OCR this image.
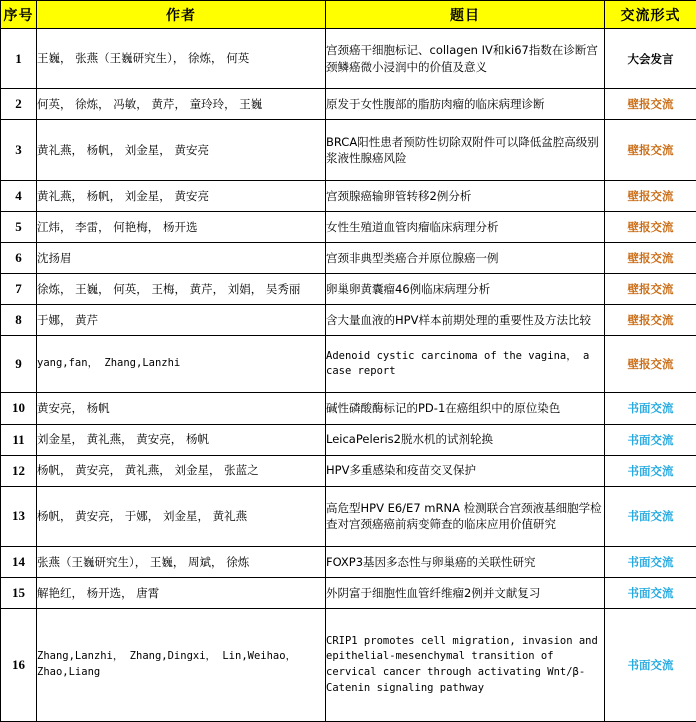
序号	作者	题目	交流形式
1	王巍， 张燕（王巍研究生）， 徐炼， 何英	宫颈癌干细胞标记、collagen IV和ki67指数在诊断宫颈鳞癌微小浸润中的价值及意义	大会发言
2	何英， 徐炼， 冯敏， 黄芹， 童玲玲， 王巍	原发于女性腹部的脂肪肉瘤的临床病理诊断	壁报交流
3	黄礼燕， 杨帆， 刘金星， 黄安亮	BRCA阳性患者预防性切除双附件可以降低盆腔高级别浆液性腺癌风险	壁报交流
4	黄礼燕， 杨帆， 刘金星， 黄安亮	宫颈腺癌输卵管转移2例分析	壁报交流
5	江炜， 李雷， 何艳梅， 杨开选	女性生殖道血管肉瘤临床病理分析	壁报交流
6	沈扬眉	宫颈非典型类癌合并原位腺癌一例	壁报交流
7	徐炼， 王巍， 何英， 王梅， 黄芹， 刘娟， 吴秀丽	卵巢卵黄囊瘤46例临床病理分析	壁报交流
8	于娜， 黄芹	含大量血液的HPV样本前期处理的重要性及方法比较	壁报交流
9	yang,fan， Zhang,Lanzhi	Adenoid cystic carcinoma of the vagina， a case report	壁报交流
10	黄安亮， 杨帆	碱性磷酸酶标记的PD-1在癌组织中的原位染色	书面交流
11	刘金星， 黄礼燕， 黄安亮， 杨帆	LeicaPeleris2脱水机的试剂轮换	书面交流
12	杨帆， 黄安亮， 黄礼燕， 刘金星， 张蓝之	HPV多重感染和疫苗交叉保护	书面交流
13	杨帆， 黄安亮， 于娜， 刘金星， 黄礼燕	高危型HPV E6/E7 mRNA 检测联合宫颈液基细胞学检查对宫颈癌癌前病变筛查的临床应用价值研究	书面交流
14	张燕（王巍研究生）， 王巍， 周斌， 徐炼	FOXP3基因多态性与卵巢癌的关联性研究	书面交流
15	解艳红， 杨开选， 唐霄	外阴富于细胞性血管纤维瘤2例并文献复习	书面交流
16	Zhang,Lanzhi， Zhang,Dingxi， Lin,Weihao， Zhao,Liang	CRIP1 promotes cell migration, invasion and epithelial-mesenchymal transition of cervical cancer through activating Wnt/β-Catenin signaling pathway	书面交流
